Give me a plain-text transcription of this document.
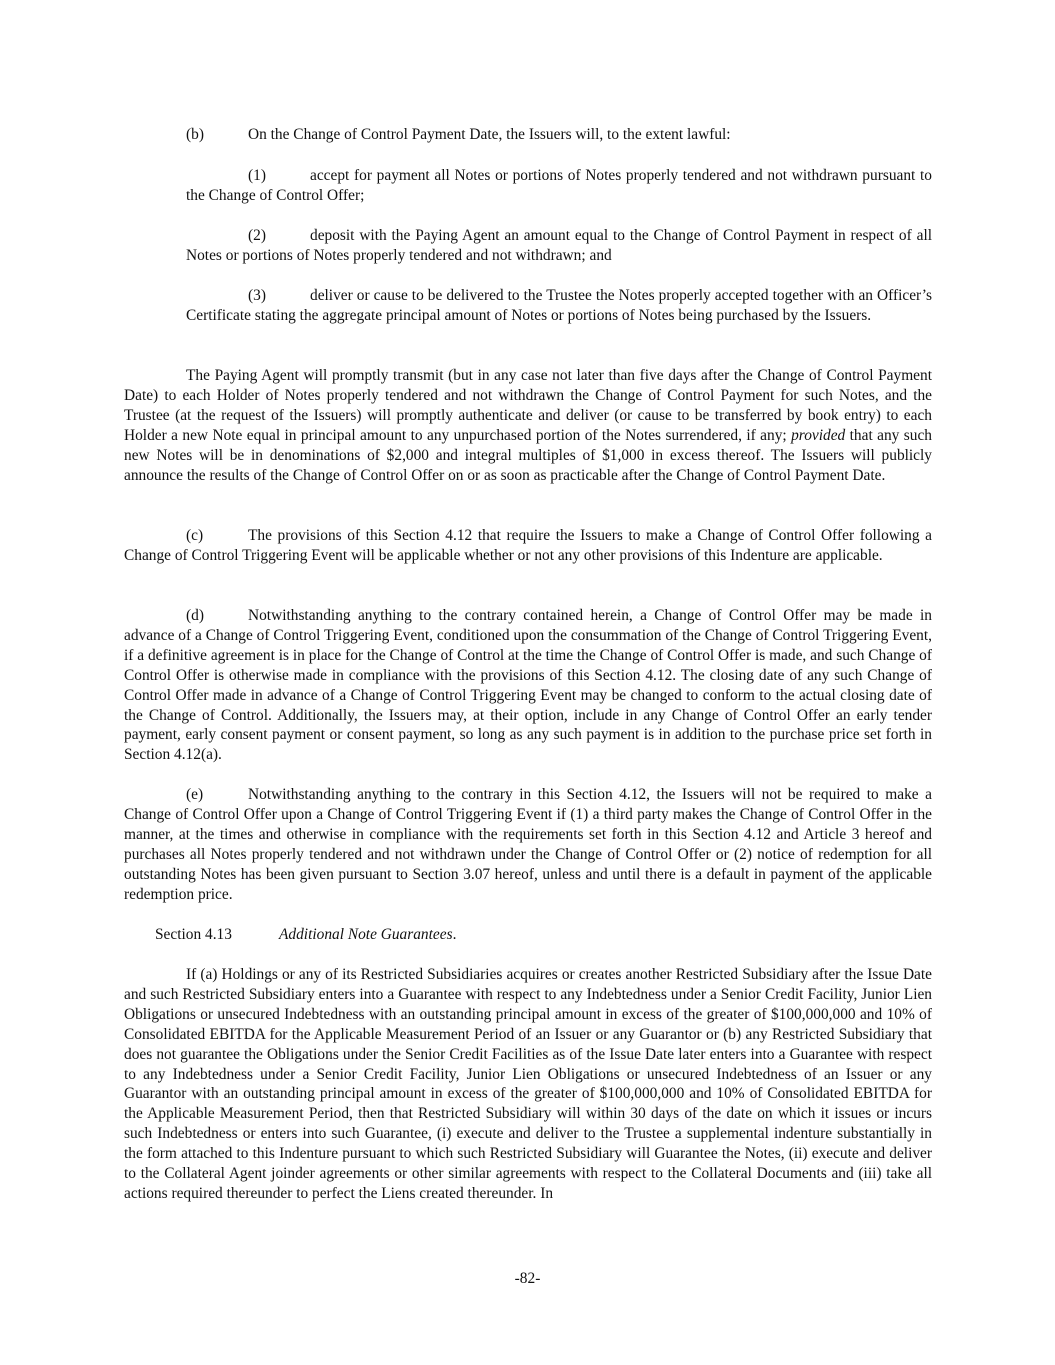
(b)	On the Change of Control Payment Date, the Issuers will, to the extent lawful:

(1)	accept for payment all Notes or portions of Notes properly tendered and not withdrawn pursuant to the Change of Control Offer;

(2)	deposit with the Paying Agent an amount equal to the Change of Control Payment in respect of all Notes or portions of Notes properly tendered and not withdrawn; and

(3)	deliver or cause to be delivered to the Trustee the Notes properly accepted together with an Officer’s Certificate stating the aggregate principal amount of Notes or portions of Notes being purchased by the Issuers.

The Paying Agent will promptly transmit (but in any case not later than five days after the Change of Control Payment Date) to each Holder of Notes properly tendered and not withdrawn the Change of Control Payment for such Notes, and the Trustee (at the request of the Issuers) will promptly authenticate and deliver (or cause to be transferred by book entry) to each Holder a new Note equal in principal amount to any unpurchased portion of the Notes surrendered, if any; provided that any such new Notes will be in denominations of $2,000 and integral multiples of $1,000 in excess thereof. The Issuers will publicly announce the results of the Change of Control Offer on or as soon as practicable after the Change of Control Payment Date.

(c)	The provisions of this Section 4.12 that require the Issuers to make a Change of Control Offer following a Change of Control Triggering Event will be applicable whether or not any other provisions of this Indenture are applicable.

(d)	Notwithstanding anything to the contrary contained herein, a Change of Control Offer may be made in advance of a Change of Control Triggering Event, conditioned upon the consummation of the Change of Control Triggering Event, if a definitive agreement is in place for the Change of Control at the time the Change of Control Offer is made, and such Change of Control Offer is otherwise made in compliance with the provisions of this Section 4.12. The closing date of any such Change of Control Offer made in advance of a Change of Control Triggering Event may be changed to conform to the actual closing date of the Change of Control. Additionally, the Issuers may, at their option, include in any Change of Control Offer an early tender payment, early consent payment or consent payment, so long as any such payment is in addition to the purchase price set forth in Section 4.12(a).

(e)	Notwithstanding anything to the contrary in this Section 4.12, the Issuers will not be required to make a Change of Control Offer upon a Change of Control Triggering Event if (1) a third party makes the Change of Control Offer in the manner, at the times and otherwise in compliance with the requirements set forth in this Section 4.12 and Article 3 hereof and purchases all Notes properly tendered and not withdrawn under the Change of Control Offer or (2) notice of redemption for all outstanding Notes has been given pursuant to Section 3.07 hereof, unless and until there is a default in payment of the applicable redemption price.

Section 4.13	Additional Note Guarantees.

If (a) Holdings or any of its Restricted Subsidiaries acquires or creates another Restricted Subsidiary after the Issue Date and such Restricted Subsidiary enters into a Guarantee with respect to any Indebtedness under a Senior Credit Facility, Junior Lien Obligations or unsecured Indebtedness with an outstanding principal amount in excess of the greater of $100,000,000 and 10% of Consolidated EBITDA for the Applicable Measurement Period of an Issuer or any Guarantor or (b) any Restricted Subsidiary that does not guarantee the Obligations under the Senior Credit Facilities as of the Issue Date later enters into a Guarantee with respect to any Indebtedness under a Senior Credit Facility, Junior Lien Obligations or unsecured Indebtedness of an Issuer or any Guarantor with an outstanding principal amount in excess of the greater of $100,000,000 and 10% of Consolidated EBITDA for the Applicable Measurement Period, then that Restricted Subsidiary will within 30 days of the date on which it issues or incurs such Indebtedness or enters into such Guarantee, (i) execute and deliver to the Trustee a supplemental indenture substantially in the form attached to this Indenture pursuant to which such Restricted Subsidiary will Guarantee the Notes, (ii) execute and deliver to the Collateral Agent joinder agreements or other similar agreements with respect to the Collateral Documents and (iii) take all actions required thereunder to perfect the Liens created thereunder. In

-82-
